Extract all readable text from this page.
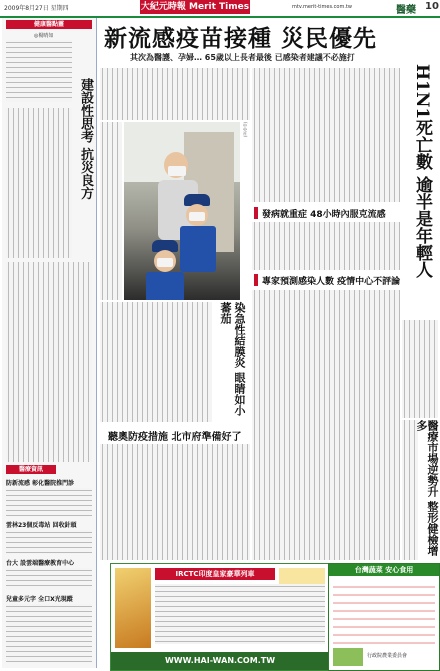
2009年8月27日 星期四	大紀元時報 Merit Times	mtv.merit-times.com.tw	醫藥 10
健康醫點靈
◎楊晴如
建設性思考 抗災良方
醫療資訊
防新流感 彰化醫院推門診
雲林23個反毒站 回收針頭
台大 設雲端醫療教育中心
兒童多元字 全口X光現蹤
新流感疫苗接種 災民優先
其次為醫護、孕婦… 65歲以上長者最後 已感染者建議不必施打
(中央社)
發病就重症 48小時內服克流感 H1N1死亡數 逾半是年輕人
專家預測感染人數 疫情中心不評論
染急性結膜炎 眼睛如小蕃茄
聽奧防疫措施 北市府準備好了	醫療市場逆勢升 整形健檢增多
IRCTC印度皇家豪華列車
WWW.HAI-WAN.COM.TW
台灣蔬菜 安心食用
行政院農業委員會
